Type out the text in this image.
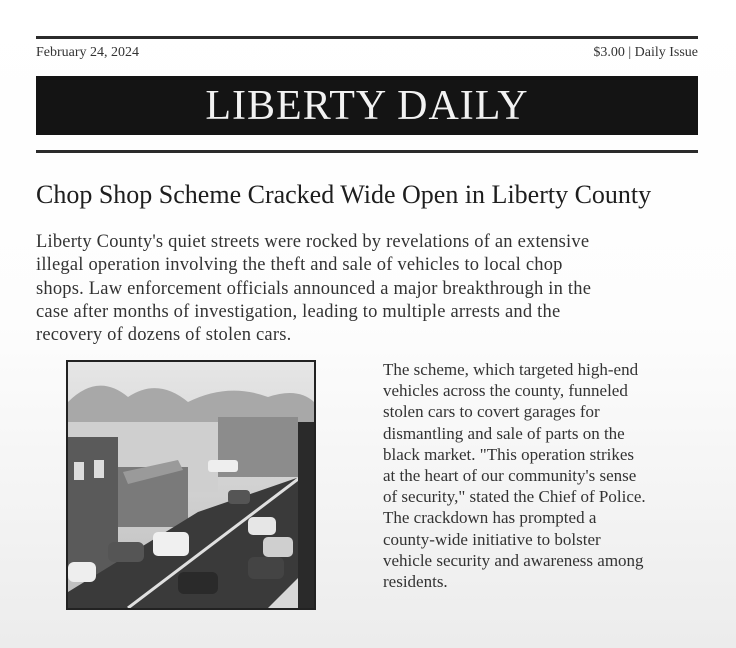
February 24, 2024	$3.00 | Daily Issue
LIBERTY DAILY
Chop Shop Scheme Cracked Wide Open in Liberty County
Liberty County's quiet streets were rocked by revelations of an extensive
illegal operation involving the theft and sale of vehicles to local chop
shops. Law enforcement officials announced a major breakthrough in the
case after months of investigation, leading to multiple arrests and the
recovery of dozens of stolen cars.
The scheme, which targeted high-end
vehicles across the county, funneled
stolen cars to covert garages for
dismantling and sale of parts on the
black market. "This operation strikes
at the heart of our community's sense
of security," stated the Chief of Police.
The crackdown has prompted a
county-wide initiative to bolster
vehicle security and awareness among
residents.
